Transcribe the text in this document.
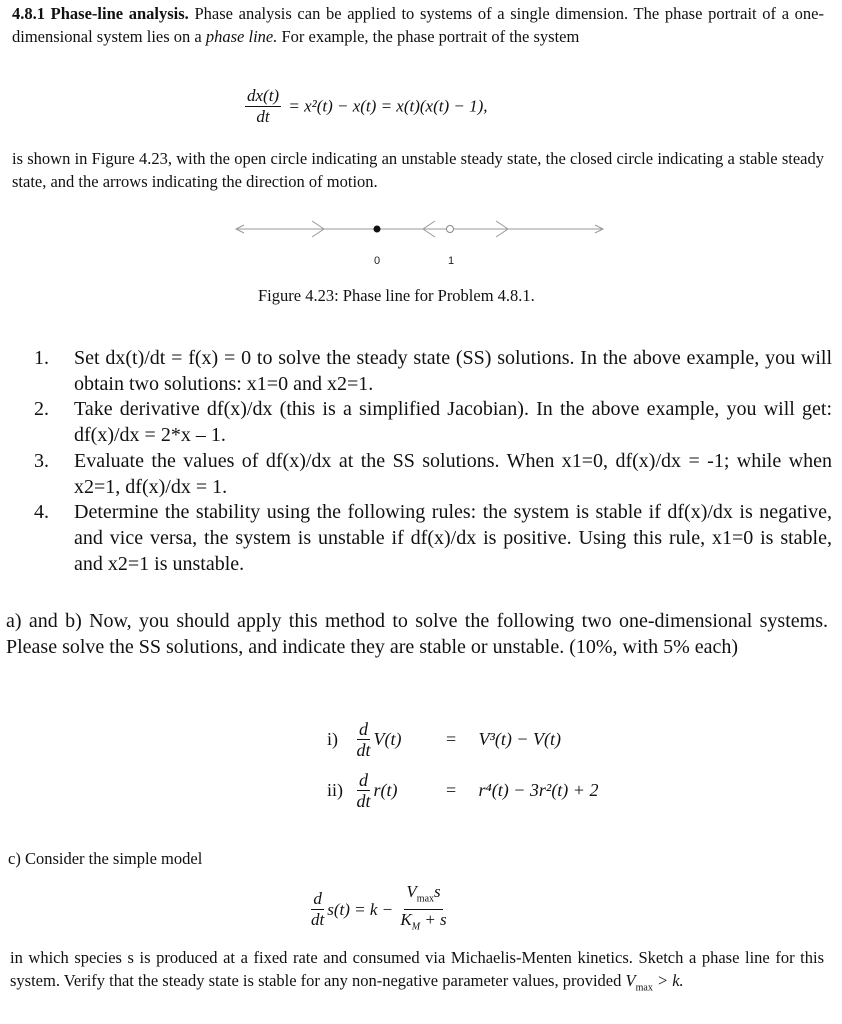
4.8.1 Phase-line analysis. Phase analysis can be applied to systems of a single dimension. The phase portrait of a one-dimensional system lies on a phase line. For example, the phase portrait of the system
$\frac{dx(t)}{dt} = x^2(t) - x(t) = x(t)(x(t) - 1)$,
is shown in Figure 4.23, with the open circle indicating an unstable steady state, the closed circle indicating a stable steady state, and the arrows indicating the direction of motion.
0	1
Figure 4.23: Phase line for Problem 4.8.1.
1. Set dx(t)/dt = f(x) = 0 to solve the steady state (SS) solutions. In the above example, you will obtain two solutions: x1=0 and x2=1.
2. Take derivative df(x)/dx (this is a simplified Jacobian). In the above example, you will get: df(x)/dx = 2*x – 1.
3. Evaluate the values of df(x)/dx at the SS solutions. When x1=0, df(x)/dx = -1; while when x2=1, df(x)/dx = 1.
4. Determine the stability using the following rules: the system is stable if df(x)/dx is negative, and vice versa, the system is unstable if df(x)/dx is positive. Using this rule, x1=0 is stable, and x2=1 is unstable.
a) and b) Now, you should apply this method to solve the following two one-dimensional systems. Please solve the SS solutions, and indicate they are stable or unstable. (10%, with 5% each)
$i) \frac{d}{dt} V(t) = V^3(t) - V(t)$
$ii) \frac{d}{dt} r(t)$	= r⁴(t) − 3r²(t) + 2
c) Consider the simple model
$\frac{d}{dt} s(t) = k - \frac{V_{max}s}{K_M + s}$
in which species s is produced at a fixed rate and consumed via Michaelis-Menten kinetics. Sketch a phase line for this system. Verify that the steady state is stable for any non-negative parameter values, provided $V_{max} > k$.
